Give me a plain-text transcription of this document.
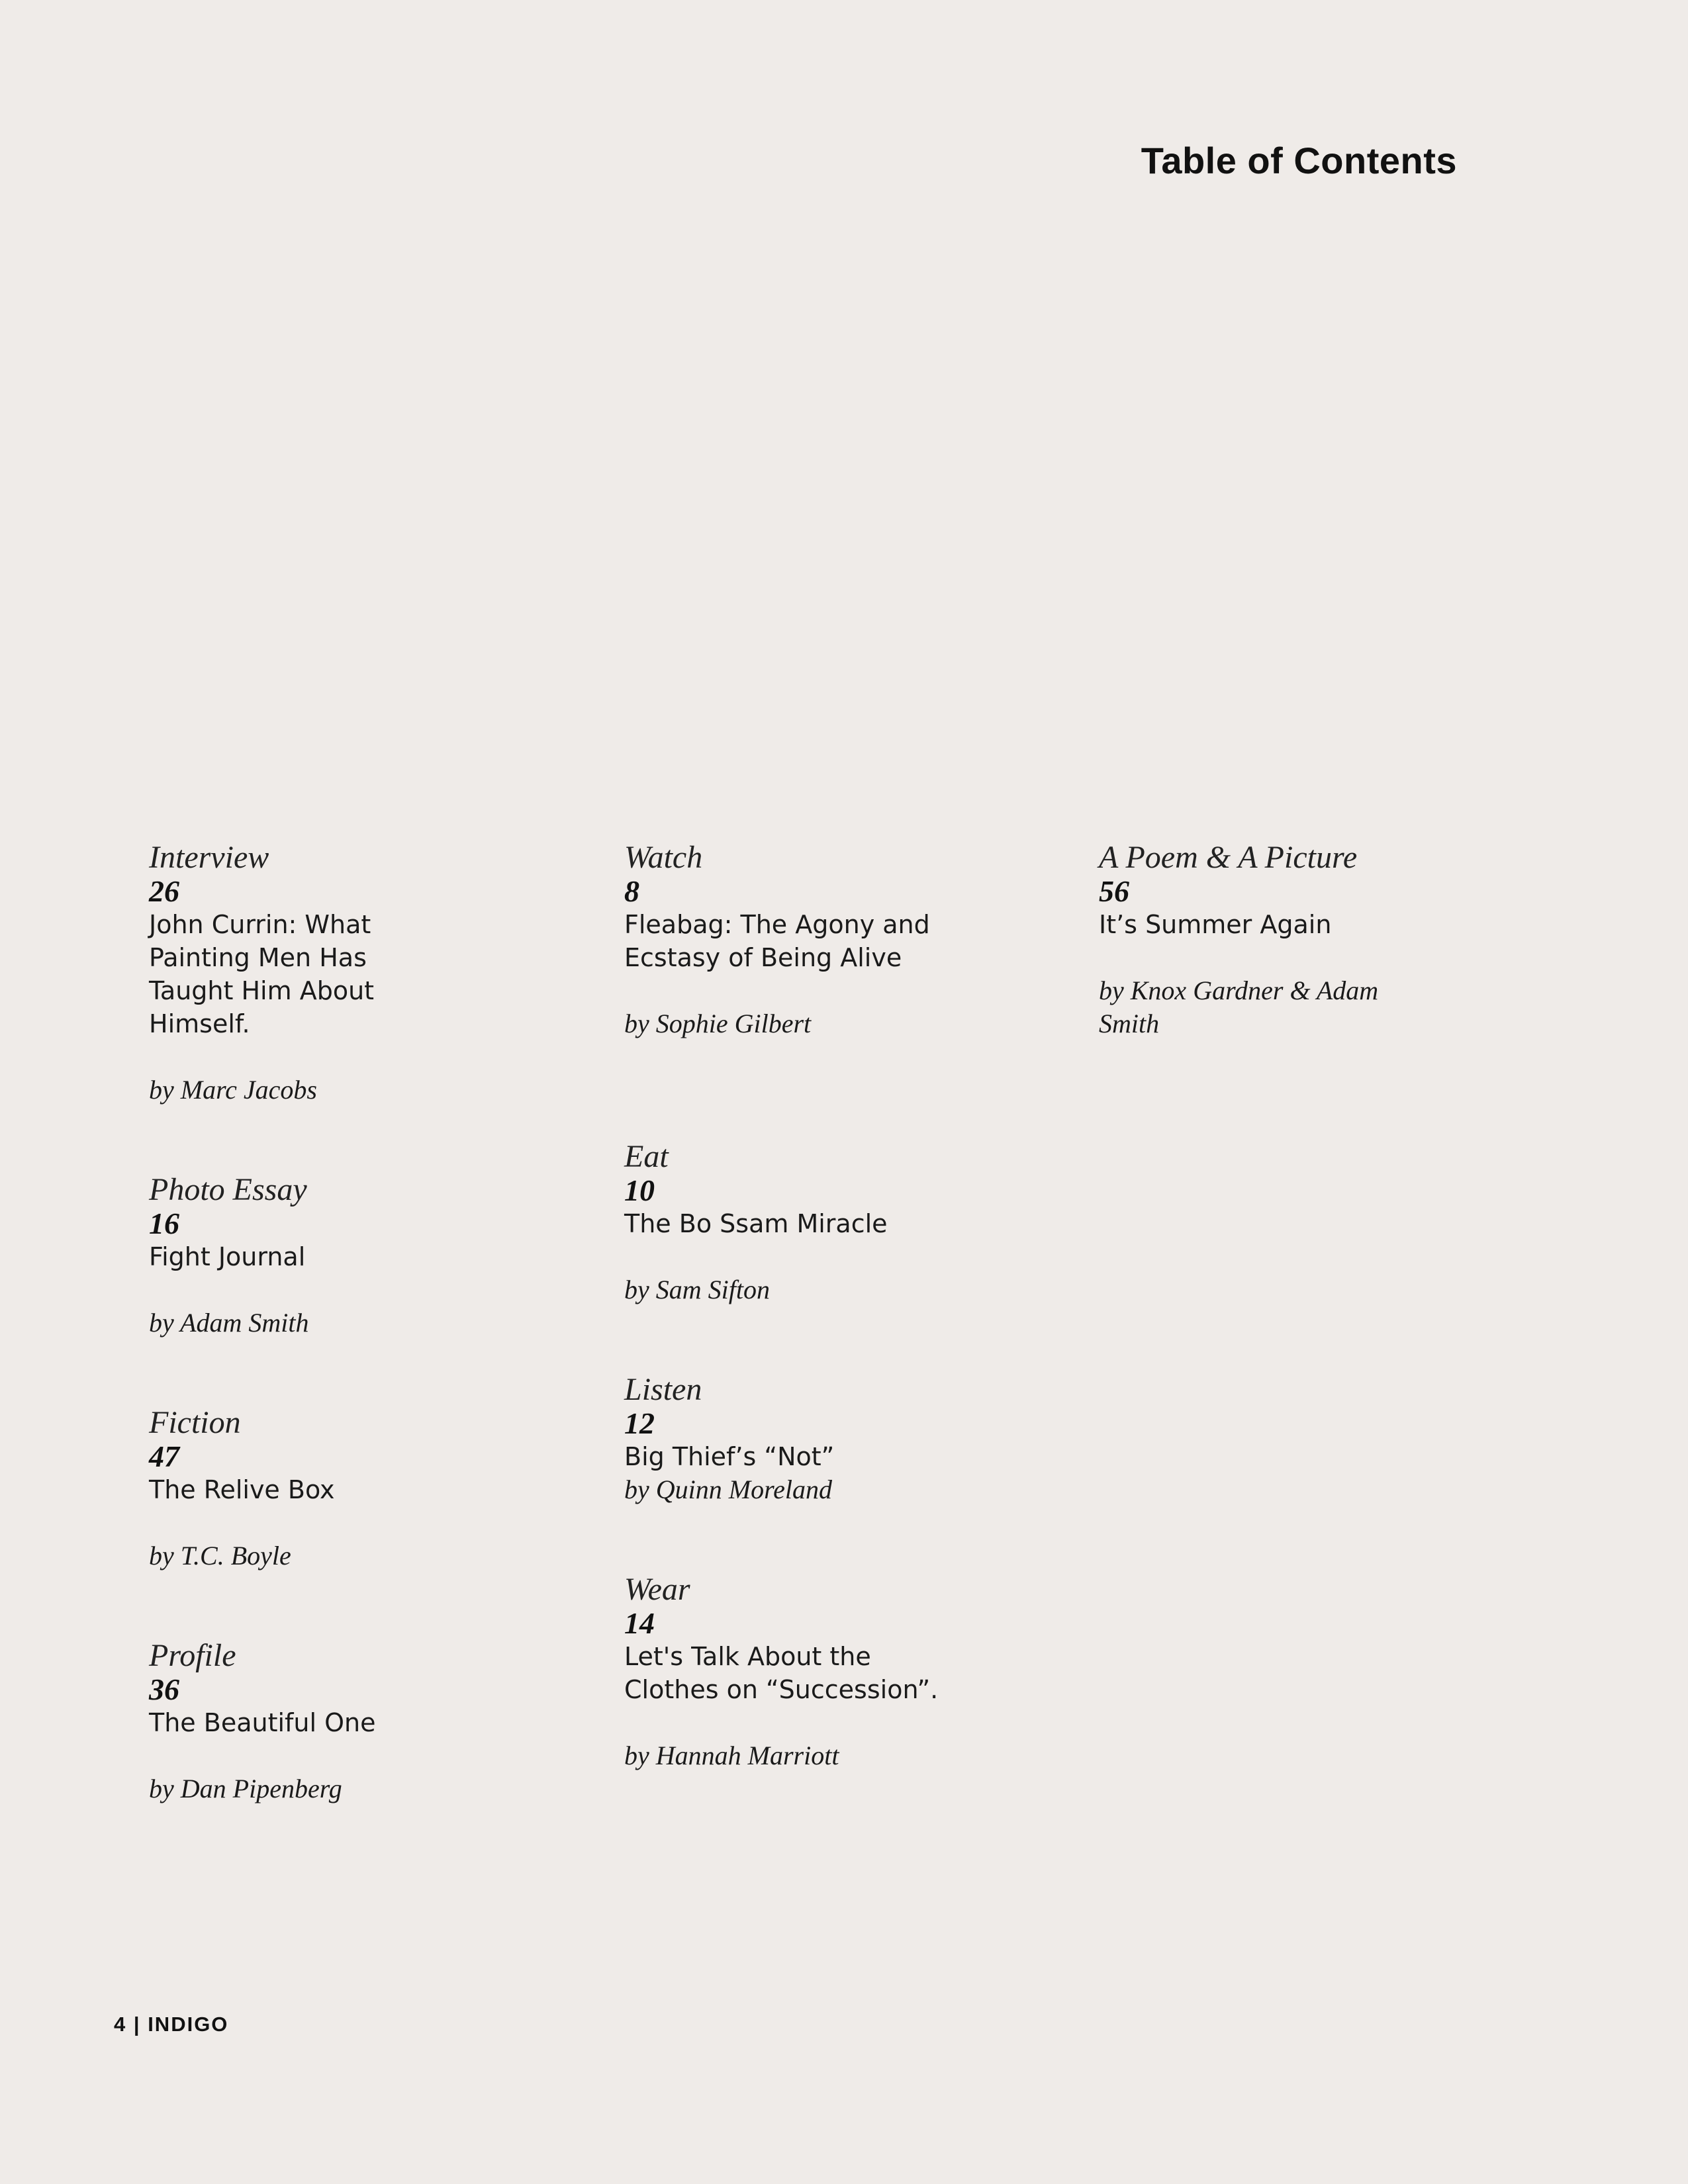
Table of Contents
Interview
26
John Currin: What
Painting Men Has
Taught Him About
Himself.
by Marc Jacobs
Photo Essay
16
Fight Journal
by Adam Smith
Fiction
47
The Relive Box
by T.C. Boyle
Profile
36
The Beautiful One
by Dan Pipenberg
Watch
8
Fleabag: The Agony and
Ecstasy of Being Alive
by Sophie Gilbert
Eat
10
The Bo Ssam Miracle
by Sam Sifton
Listen
12
Big Thief’s “Not”
by Quinn Moreland
Wear
14
Let's Talk About the
Clothes on “Succession”.
by Hannah Marriott
A Poem & A Picture
56
It’s Summer Again
by Knox Gardner & Adam
Smith
4 | INDIGO
